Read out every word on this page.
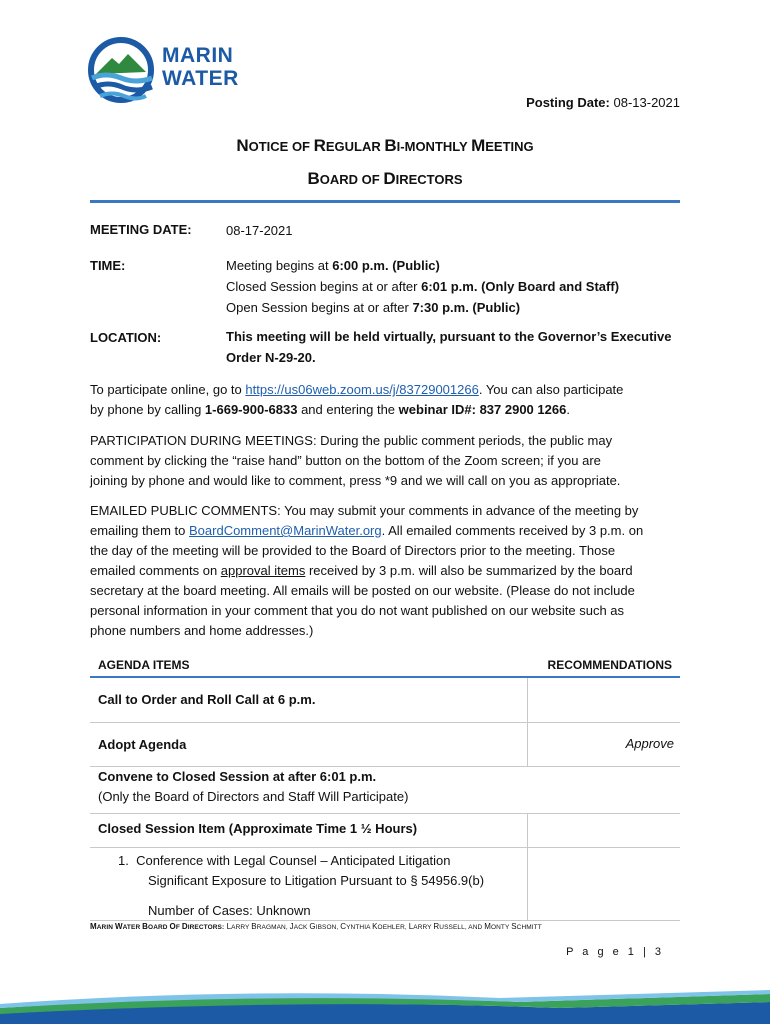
MARIN
WATER
Posting Date: 08-13-2021
NOTICE OF REGULAR BI-MONTHLY MEETING
BOARD OF DIRECTORS
MEETING DATE:	08-17-2021
TIME:	Meeting begins at 6:00 p.m. (Public)
Closed Session begins at or after 6:01 p.m. (Only Board and Staff)
Open Session begins at or after 7:30 p.m. (Public)
LOCATION:	This meeting will be held virtually, pursuant to the Governor’s Executive
Order N-29-20.
To participate online, go to https://us06web.zoom.us/j/83729001266. You can also participate
by phone by calling 1-669-900-6833 and entering the webinar ID#: 837 2900 1266.
PARTICIPATION DURING MEETINGS: During the public comment periods, the public may
comment by clicking the “raise hand” button on the bottom of the Zoom screen; if you are
joining by phone and would like to comment, press *9 and we will call on you as appropriate.
EMAILED PUBLIC COMMENTS: You may submit your comments in advance of the meeting by
emailing them to BoardComment@MarinWater.org. All emailed comments received by 3 p.m. on
the day of the meeting will be provided to the Board of Directors prior to the meeting. Those
emailed comments on approval items received by 3 p.m. will also be summarized by the board
secretary at the board meeting. All emails will be posted on our website. (Please do not include
personal information in your comment that you do not want published on our website such as
phone numbers and home addresses.)
AGENDA ITEMS	RECOMMENDATIONS
Call to Order and Roll Call at 6 p.m.
Adopt Agenda	Approve
Convene to Closed Session at after 6:01 p.m.
(Only the Board of Directors and Staff Will Participate)
Closed Session Item (Approximate Time 1 ½ Hours)
1. Conference with Legal Counsel – Anticipated Litigation
Significant Exposure to Litigation Pursuant to § 54956.9(b)
Number of Cases: Unknown
MARIN WATER BOARD OF DIRECTORS: LARRY BRAGMAN, JACK GIBSON, CYNTHIA KOEHLER, LARRY RUSSELL, AND MONTY SCHMITT
P a g e 1 | 3
